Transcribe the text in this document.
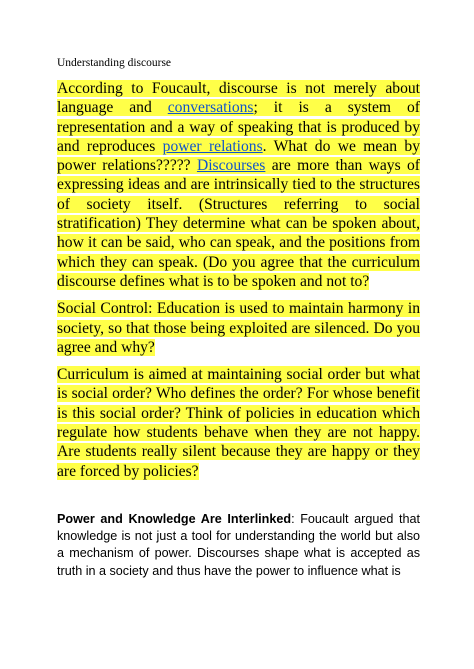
Understanding discourse

According to Foucault, discourse is not merely about language and conversations; it is a system of representation and a way of speaking that is produced by and reproduces power relations. What do we mean by power relations????? Discourses are more than ways of expressing ideas and are intrinsically tied to the structures of society itself. (Structures referring to social stratification) They determine what can be spoken about, how it can be said, who can speak, and the positions from which they can speak. (Do you agree that the curriculum discourse defines what is to be spoken and not to?

Social Control: Education is used to maintain harmony in society, so that those being exploited are silenced. Do you agree and why?

Curriculum is aimed at maintaining social order but what is social order? Who defines the order? For whose benefit is this social order? Think of policies in education which regulate how students behave when they are not happy. Are students really silent because they are happy or they are forced by policies?

Power and Knowledge Are Interlinked: Foucault argued that knowledge is not just a tool for understanding the world but also a mechanism of power. Discourses shape what is accepted as truth in a society and thus have the power to influence what is
